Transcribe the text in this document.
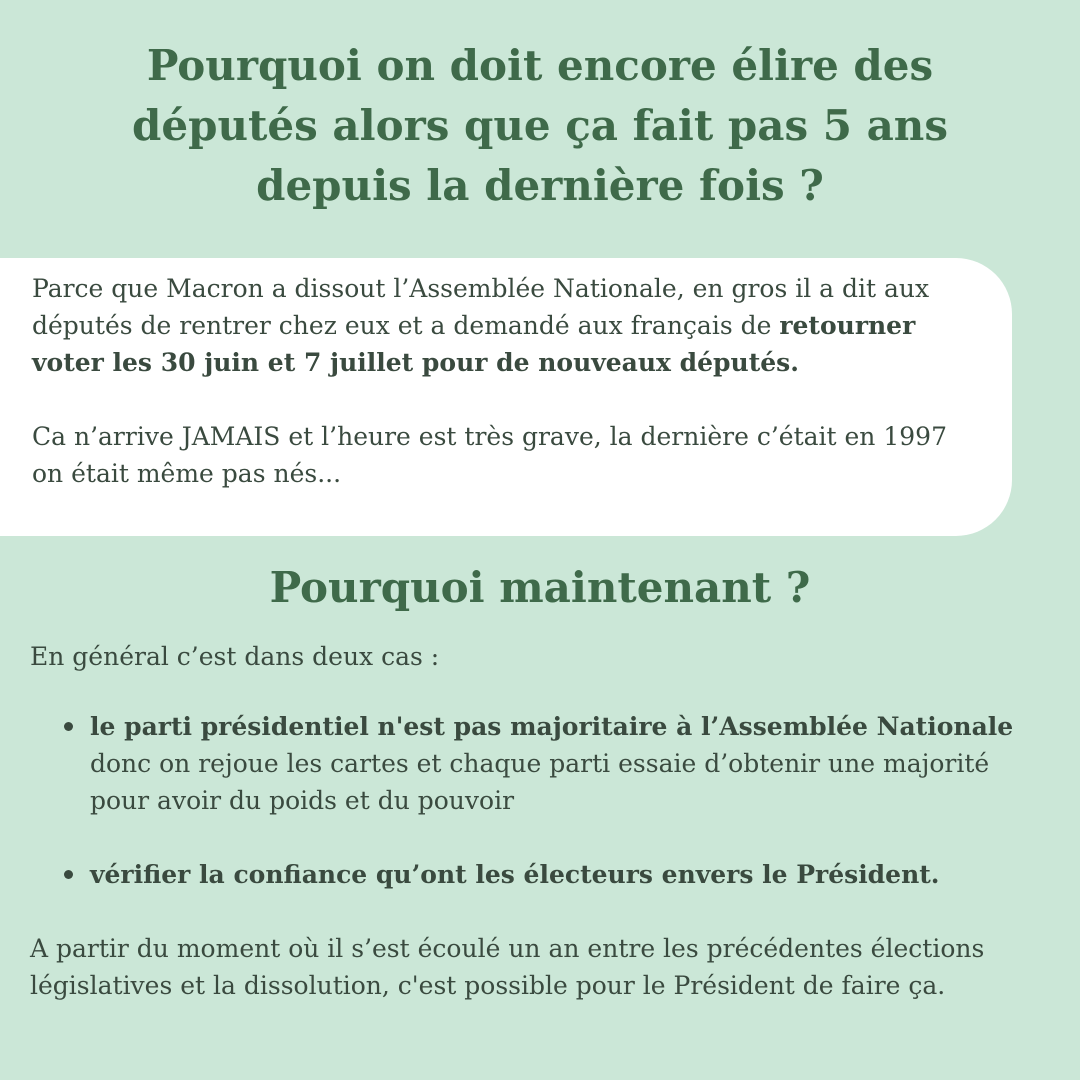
Pourquoi on doit encore élire des députés alors que ça fait pas 5 ans depuis la dernière fois ?

Parce que Macron a dissout l’Assemblée Nationale, en gros il a dit aux députés de rentrer chez eux et a demandé aux français de retourner voter les 30 juin et 7 juillet pour de nouveaux députés.

Ca n’arrive JAMAIS et l’heure est très grave, la dernière c’était en 1997 on était même pas nés...

Pourquoi maintenant ?

En général c’est dans deux cas :

le parti présidentiel n'est pas majoritaire à l’Assemblée Nationale donc on rejoue les cartes et chaque parti essaie d’obtenir une majorité pour avoir du poids et du pouvoir
vérifier la confiance qu’ont les électeurs envers le Président.

A partir du moment où il s’est écoulé un an entre les précédentes élections législatives et la dissolution, c'est possible pour le Président de faire ça.
